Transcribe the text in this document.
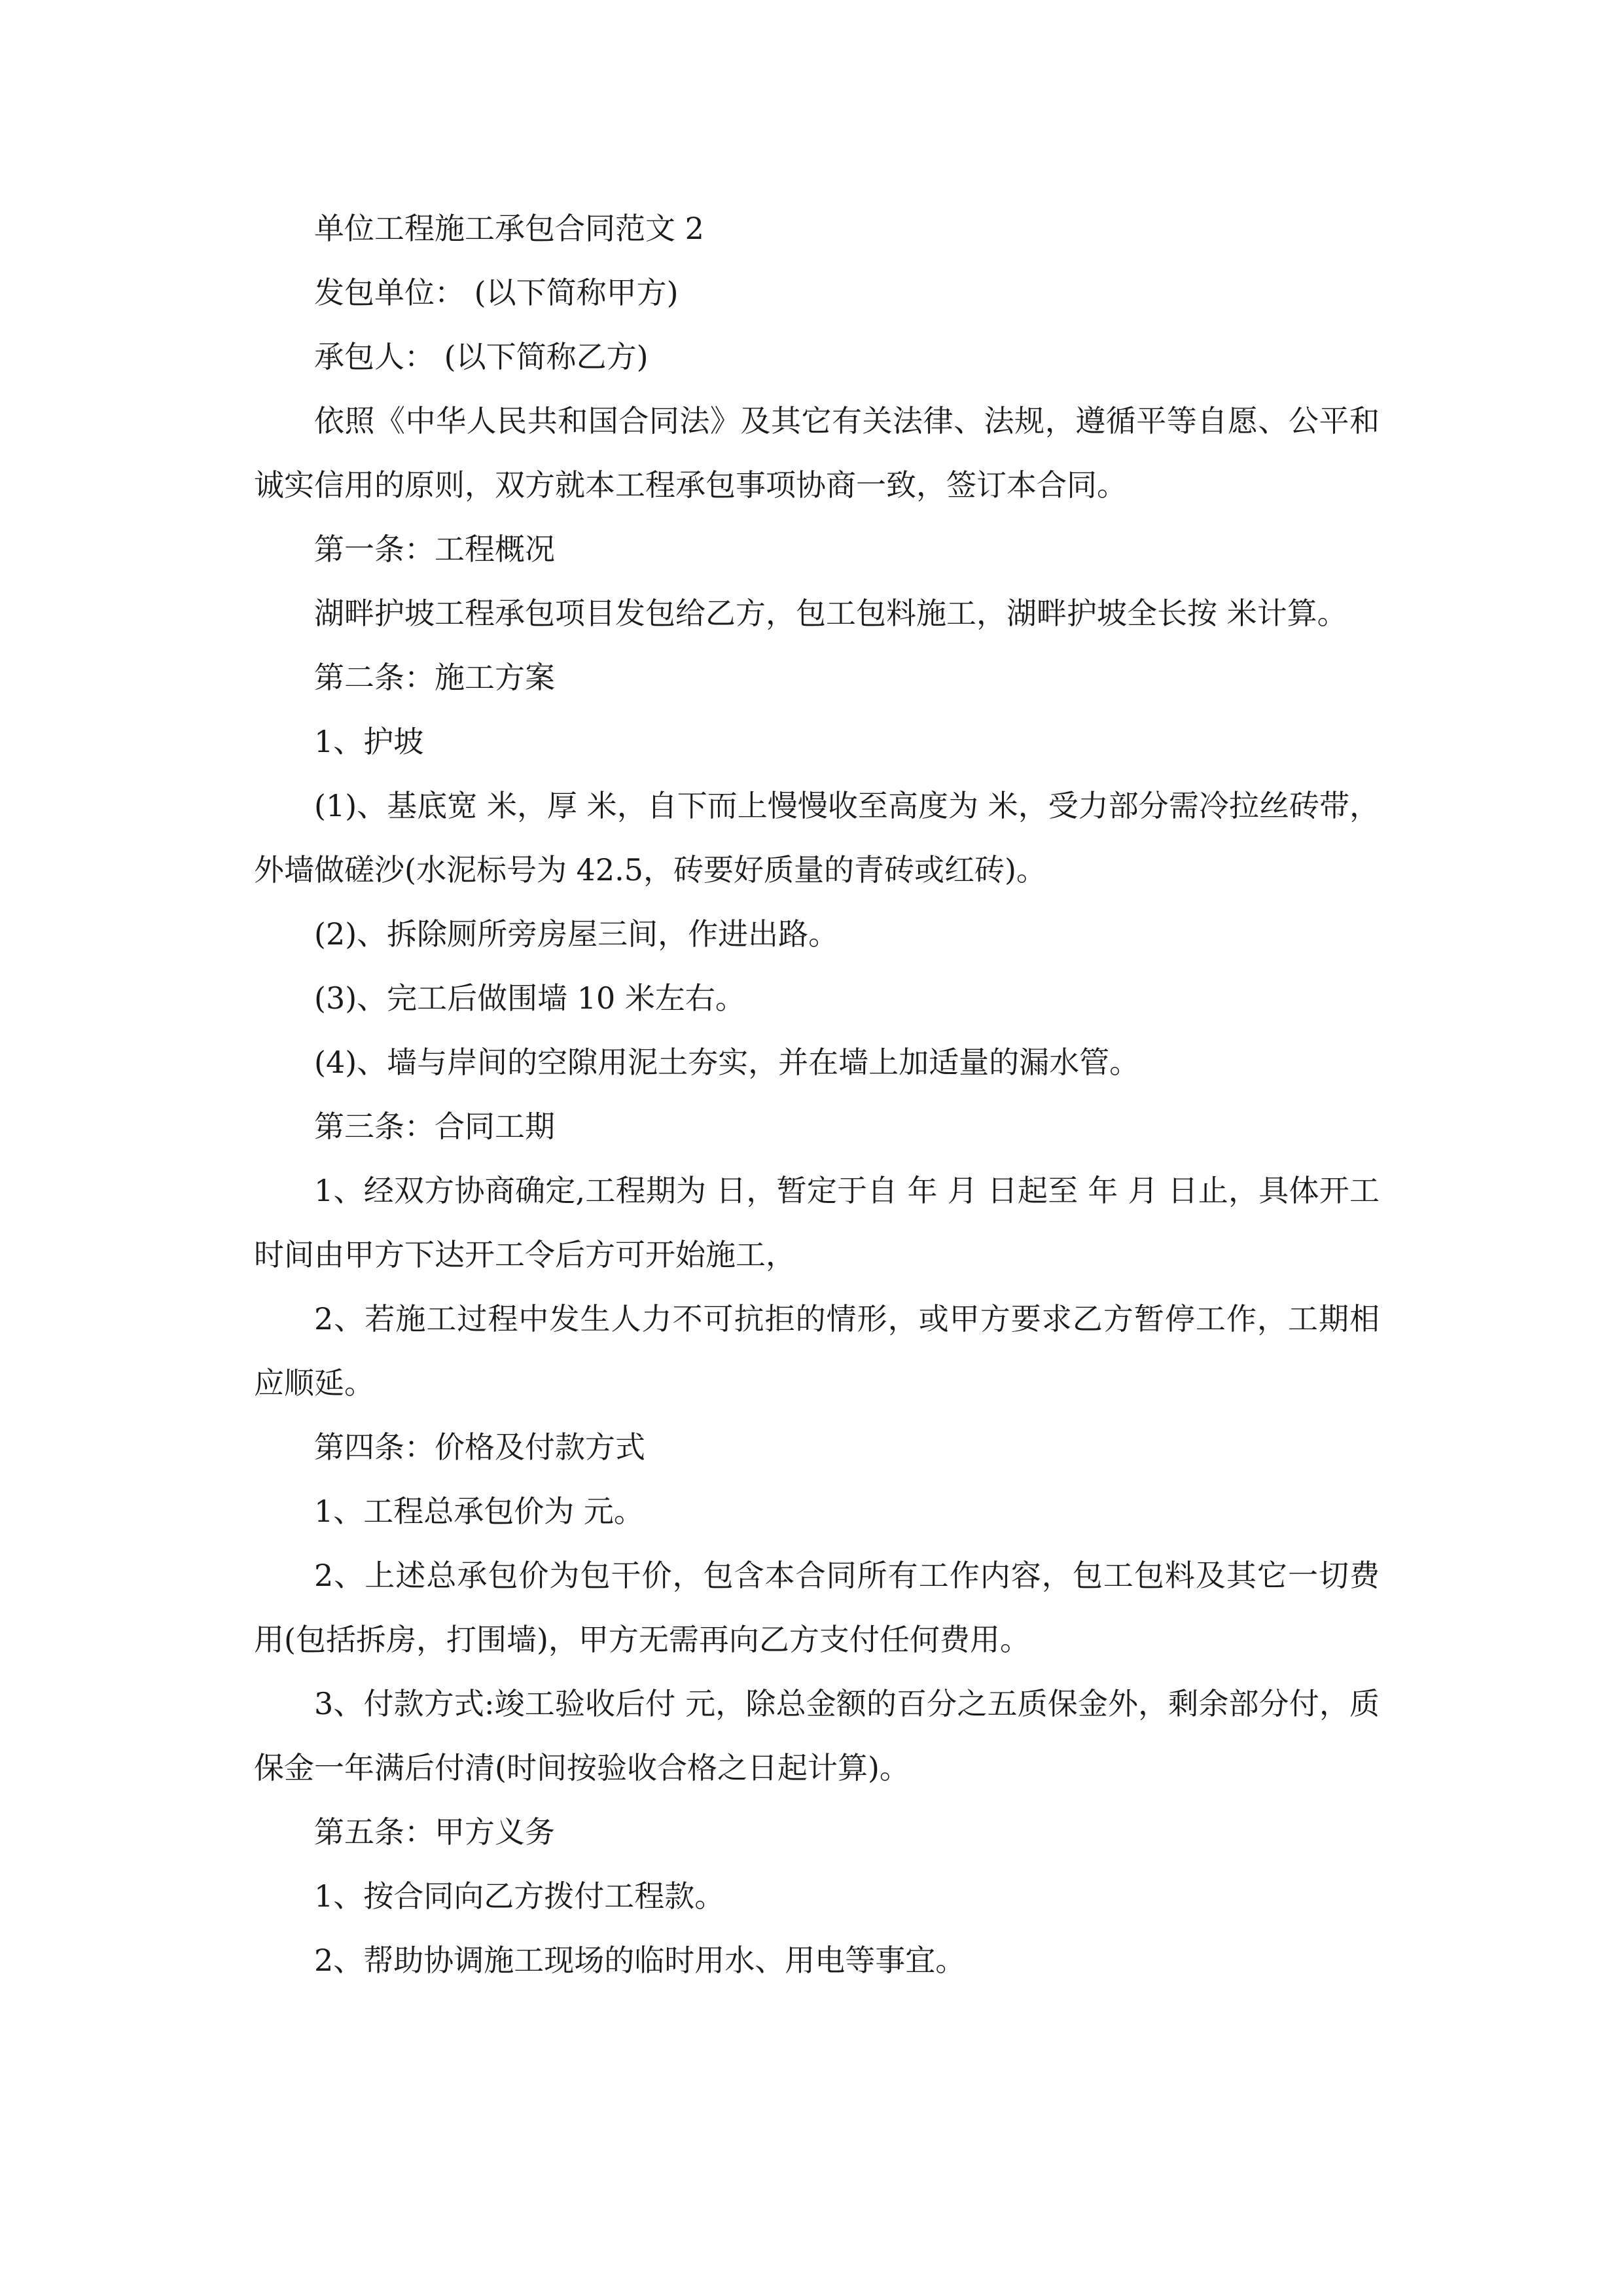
单位工程施工承包合同范文 2

发包单位： (以下简称甲方)

承包人： (以下简称乙方)

依照《中华人民共和国合同法》及其它有关法律、法规，遵循平等自愿、公平和诚实信用的原则，双方就本工程承包事项协商一致，签订本合同。

第一条：工程概况

湖畔护坡工程承包项目发包给乙方，包工包料施工，湖畔护坡全长按 米计算。

第二条：施工方案

1、护坡

(1)、基底宽 米，厚 米，自下而上慢慢收至高度为 米，受力部分需冷拉丝砖带，外墙做磋沙(水泥标号为 42.5，砖要好质量的青砖或红砖)。

(2)、拆除厕所旁房屋三间，作进出路。

(3)、完工后做围墙 10 米左右。

(4)、墙与岸间的空隙用泥土夯实，并在墙上加适量的漏水管。

第三条：合同工期

1、经双方协商确定,工程期为 日，暂定于自 年 月 日起至 年 月 日止，具体开工时间由甲方下达开工令后方可开始施工，

2、若施工过程中发生人力不可抗拒的情形，或甲方要求乙方暂停工作，工期相应顺延。

第四条：价格及付款方式

1、工程总承包价为 元。

2、上述总承包价为包干价，包含本合同所有工作内容，包工包料及其它一切费用(包括拆房，打围墙)，甲方无需再向乙方支付任何费用。

3、付款方式:竣工验收后付 元，除总金额的百分之五质保金外，剩余部分付，质保金一年满后付清(时间按验收合格之日起计算)。

第五条：甲方义务

1、按合同向乙方拨付工程款。

2、帮助协调施工现场的临时用水、用电等事宜。
